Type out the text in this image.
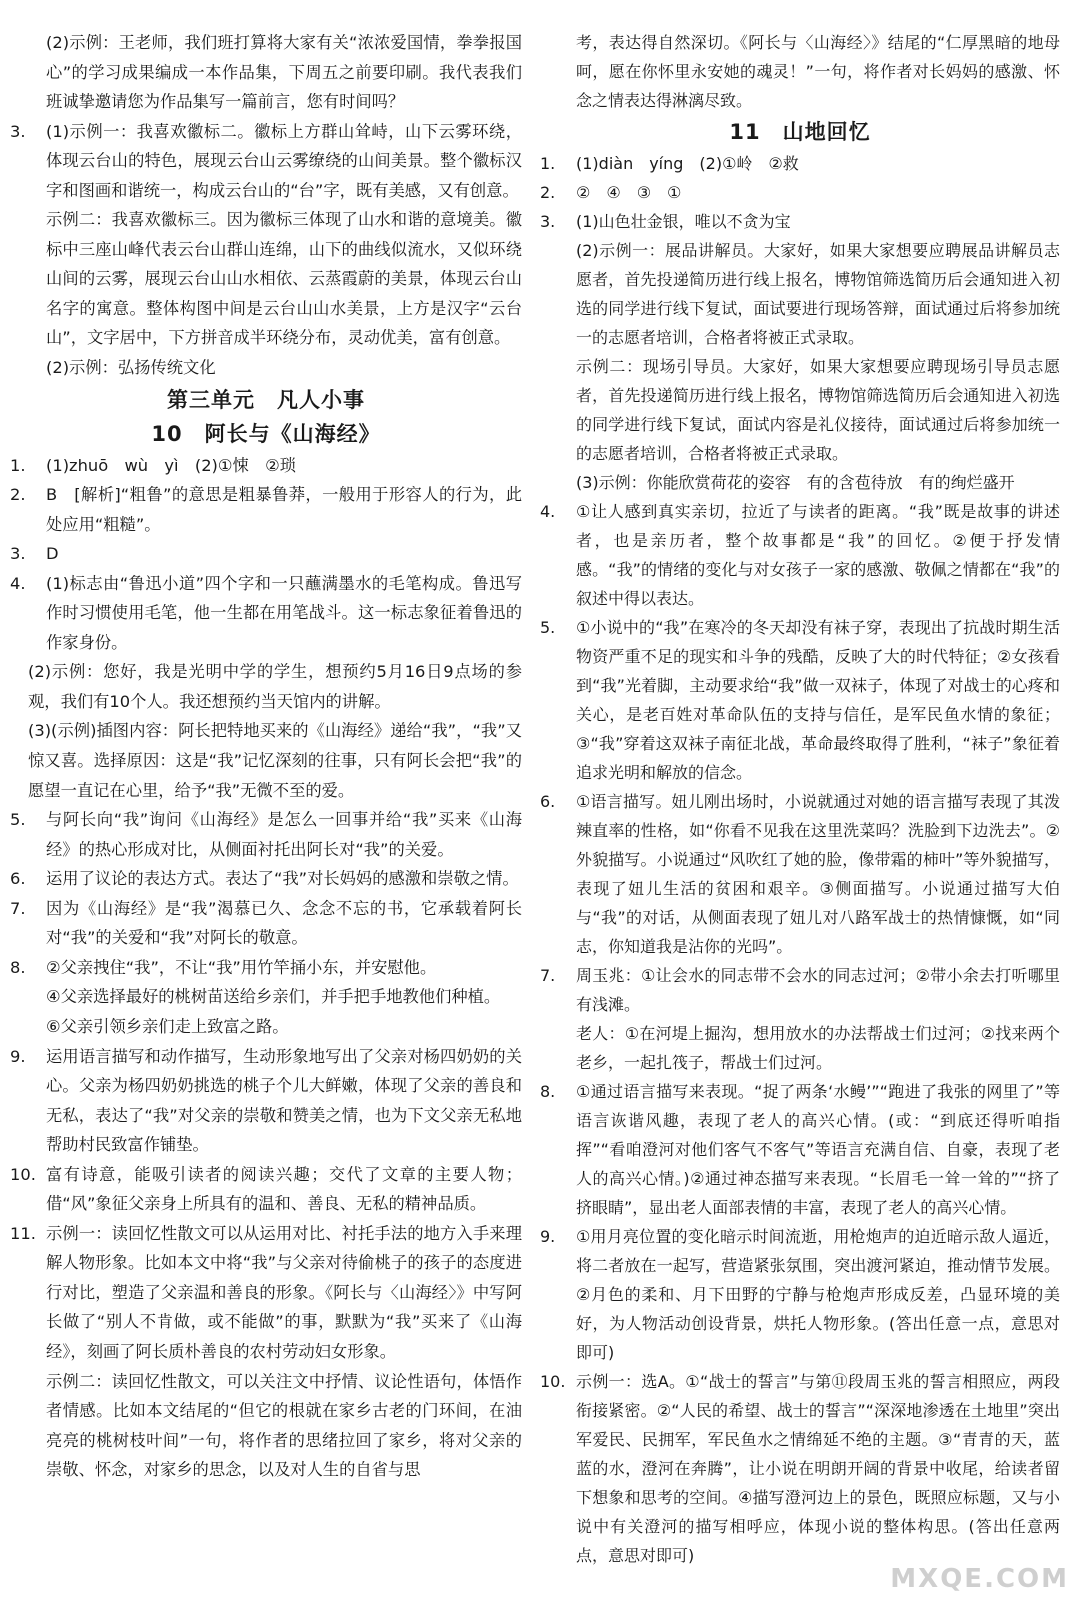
(2)示例：王老师，我们班打算将大家有关“浓浓爱国情，拳拳报国心”的学习成果编成一本作品集，下周五之前要印刷。我代表我们班诚挚邀请您为作品集写一篇前言，您有时间吗？
3. (1)示例一：我喜欢徽标二。徽标上方群山耸峙，山下云雾环绕，体现云台山的特色，展现云台山云雾缭绕的山间美景。整个徽标汉字和图画和谐统一，构成云台山的“台”字，既有美感，又有创意。
示例二：我喜欢徽标三。因为徽标三体现了山水和谐的意境美。徽标中三座山峰代表云台山群山连绵，山下的曲线似流水，又似环绕山间的云雾，展现云台山山水相依、云蒸霞蔚的美景，体现云台山名字的寓意。整体构图中间是云台山山水美景，上方是汉字“云台山”，文字居中，下方拼音成半环绕分布，灵动优美，富有创意。
(2)示例：弘扬传统文化
第三单元　凡人小事
10　阿长与《山海经》
1. (1)zhuō　wù　yì　(2)①悚　②琐
2. B　[解析]“粗鲁”的意思是粗暴鲁莽，一般用于形容人的行为，此处应用“粗糙”。
3. D
4. (1)标志由“鲁迅小道”四个字和一只蘸满墨水的毛笔构成。鲁迅写作时习惯使用毛笔，他一生都在用笔战斗。这一标志象征着鲁迅的作家身份。
(2)示例：您好，我是光明中学的学生，想预约5月16日9点场的参观，我们有10个人。我还想预约当天馆内的讲解。
(3)(示例)插图内容：阿长把特地买来的《山海经》递给“我”，“我”又惊又喜。选择原因：这是“我”记忆深刻的往事，只有阿长会把“我”的愿望一直记在心里，给予“我”无微不至的爱。
5. 与阿长向“我”询问《山海经》是怎么一回事并给“我”买来《山海经》的热心形成对比，从侧面衬托出阿长对“我”的关爱。
6. 运用了议论的表达方式。表达了“我”对长妈妈的感激和崇敬之情。
7. 因为《山海经》是“我”渴慕已久、念念不忘的书，它承载着阿长对“我”的关爱和“我”对阿长的敬意。
8. ②父亲拽住“我”，不让“我”用竹竿捅小东，并安慰他。
④父亲选择最好的桃树苗送给乡亲们，并手把手地教他们种植。
⑥父亲引领乡亲们走上致富之路。
9. 运用语言描写和动作描写，生动形象地写出了父亲对杨四奶奶的关心。父亲为杨四奶奶挑选的桃子个儿大鲜嫩，体现了父亲的善良和无私，表达了“我”对父亲的崇敬和赞美之情，也为下文父亲无私地帮助村民致富作铺垫。
10. 富有诗意，能吸引读者的阅读兴趣；交代了文章的主要人物；借“风”象征父亲身上所具有的温和、善良、无私的精神品质。
11. 示例一：读回忆性散文可以从运用对比、衬托手法的地方入手来理解人物形象。比如本文中将“我”与父亲对待偷桃子的孩子的态度进行对比，塑造了父亲温和善良的形象。《阿长与〈山海经〉》中写阿长做了“别人不肯做，或不能做”的事，默默为“我”买来了《山海经》，刻画了阿长质朴善良的农村劳动妇女形象。
示例二：读回忆性散文，可以关注文中抒情、议论性语句，体悟作者情感。比如本文结尾的“但它的根就在家乡古老的门环间，在油亮亮的桃树枝叶间”一句，将作者的思绪拉回了家乡，将对父亲的崇敬、怀念，对家乡的思念，以及对人生的自省与思
考，表达得自然深切。《阿长与〈山海经〉》结尾的“仁厚黑暗的地母呵，愿在你怀里永安她的魂灵！”一句，将作者对长妈妈的感激、怀念之情表达得淋漓尽致。
11　山地回忆
1. (1)diàn　yíng　(2)①岭　②救
2. ②　④　③　①
3. (1)山色壮金银，唯以不贪为宝
(2)示例一：展品讲解员。大家好，如果大家想要应聘展品讲解员志愿者，首先投递简历进行线上报名，博物馆筛选简历后会通知进入初选的同学进行线下复试，面试要进行现场答辩，面试通过后将参加统一的志愿者培训，合格者将被正式录取。
示例二：现场引导员。大家好，如果大家想要应聘现场引导员志愿者，首先投递简历进行线上报名，博物馆筛选简历后会通知进入初选的同学进行线下复试，面试内容是礼仪接待，面试通过后将参加统一的志愿者培训，合格者将被正式录取。
(3)示例：你能欣赏荷花的姿容　有的含苞待放　有的绚烂盛开
4. ①让人感到真实亲切，拉近了与读者的距离。“我”既是故事的讲述者，也是亲历者，整个故事都是“我”的回忆。②便于抒发情感。“我”的情绪的变化与对女孩子一家的感激、敬佩之情都在“我”的叙述中得以表达。
5. ①小说中的“我”在寒冷的冬天却没有袜子穿，表现出了抗战时期生活物资严重不足的现实和斗争的残酷，反映了大的时代特征；②女孩看到“我”光着脚，主动要求给“我”做一双袜子，体现了对战士的心疼和关心，是老百姓对革命队伍的支持与信任，是军民鱼水情的象征；③“我”穿着这双袜子南征北战，革命最终取得了胜利，“袜子”象征着追求光明和解放的信念。
6. ①语言描写。妞儿刚出场时，小说就通过对她的语言描写表现了其泼辣直率的性格，如“你看不见我在这里洗菜吗？洗脸到下边洗去”。②外貌描写。小说通过“风吹红了她的脸，像带霜的柿叶”等外貌描写，表现了妞儿生活的贫困和艰辛。③侧面描写。小说通过描写大伯与“我”的对话，从侧面表现了妞儿对八路军战士的热情慷慨，如“同志，你知道我是沾你的光吗”。
7. 周玉兆：①让会水的同志带不会水的同志过河；②带小余去打听哪里有浅滩。
老人：①在河堤上掘沟，想用放水的办法帮战士们过河；②找来两个老乡，一起扎筏子，帮战士们过河。
8. ①通过语言描写来表现。“捉了两条‘水鳗’”“跑进了我张的网里了”等语言诙谐风趣，表现了老人的高兴心情。(或：“到底还得听咱指挥”“看咱澄河对他们客气不客气”等语言充满自信、自豪，表现了老人的高兴心情。)②通过神态描写来表现。“长眉毛一耸一耸的”“挤了挤眼睛”，显出老人面部表情的丰富，表现了老人的高兴心情。
9. ①用月亮位置的变化暗示时间流逝，用枪炮声的迫近暗示敌人逼近，将二者放在一起写，营造紧张氛围，突出渡河紧迫，推动情节发展。②月色的柔和、月下田野的宁静与枪炮声形成反差，凸显环境的美好，为人物活动创设背景，烘托人物形象。(答出任意一点，意思对即可)
10. 示例一：选A。①“战士的誓言”与第⑪段周玉兆的誓言相照应，两段衔接紧密。②“人民的希望、战士的誓言”“深深地渗透在土地里”突出军爱民、民拥军，军民鱼水之情绵延不绝的主题。③“青青的天，蓝蓝的水，澄河在奔腾”，让小说在明朗开阔的背景中收尾，给读者留下想象和思考的空间。④描写澄河边上的景色，既照应标题，又与小说中有关澄河的描写相呼应，体现小说的整体构思。(答出任意两点，意思对即可)
MXQE.COM
